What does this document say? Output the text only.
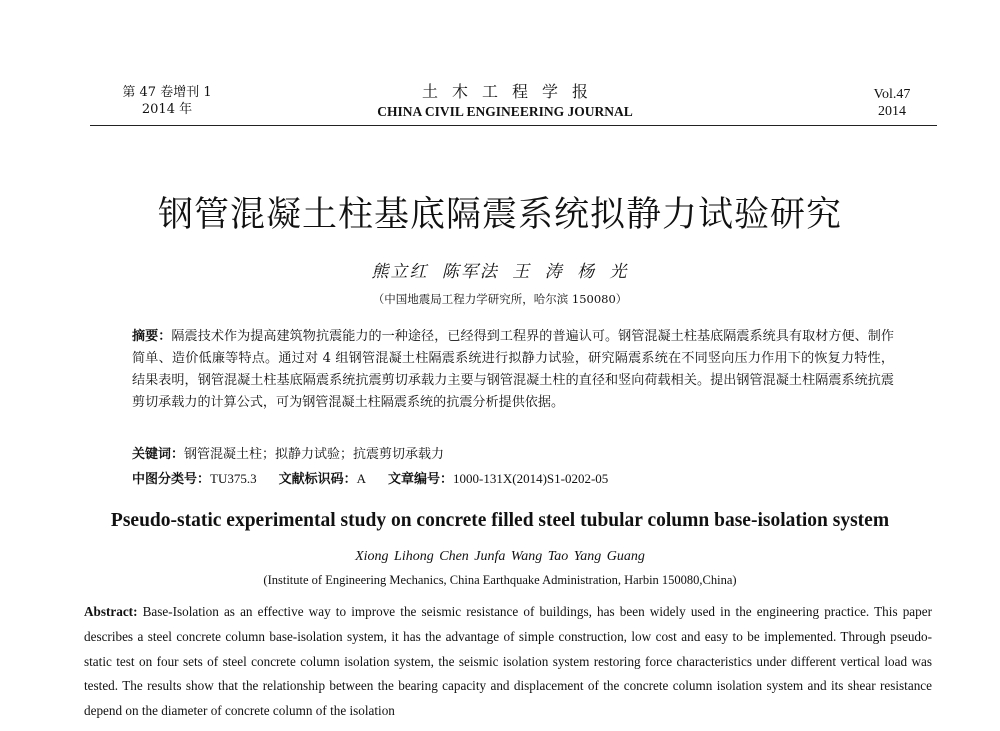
第 47 卷增刊 1
2014 年
土木工程学报
CHINA CIVIL ENGINEERING JOURNAL
Vol.47
2014
钢管混凝土柱基底隔震系统拟静力试验研究
熊立红 陈军法 王 涛 杨 光
（中国地震局工程力学研究所，哈尔滨 150080）
摘要：隔震技术作为提高建筑物抗震能力的一种途径，已经得到工程界的普遍认可。钢管混凝土柱基底隔震系统具有取材方便、制作简单、造价低廉等特点。通过对 4 组钢管混凝土柱隔震系统进行拟静力试验，研究隔震系统在不同竖向压力作用下的恢复力特性，结果表明，钢管混凝土柱基底隔震系统抗震剪切承载力主要与钢管混凝土柱的直径和竖向荷载相关。提出钢管混凝土柱隔震系统抗震剪切承载力的计算公式，可为钢管混凝土柱隔震系统的抗震分析提供依据。
关键词：钢管混凝土柱；拟静力试验；抗震剪切承载力
中图分类号：TU375.3 文献标识码：A 文章编号：1000-131X(2014)S1-0202-05
Pseudo-static experimental study on concrete filled steel tubular column base-isolation system
Xiong Lihong Chen Junfa Wang Tao Yang Guang
(Institute of Engineering Mechanics, China Earthquake Administration, Harbin 150080,China)
Abstract: Base-Isolation as an effective way to improve the seismic resistance of buildings, has been widely used in the engineering practice. This paper describes a steel concrete column base-isolation system, it has the advantage of simple construction, low cost and easy to be implemented. Through pseudo-static test on four sets of steel concrete column isolation system, the seismic isolation system restoring force characteristics under different vertical load was tested. The results show that the relationship between the bearing capacity and displacement of the concrete column isolation system and its shear resistance depend on the diameter of concrete column of the isolation
